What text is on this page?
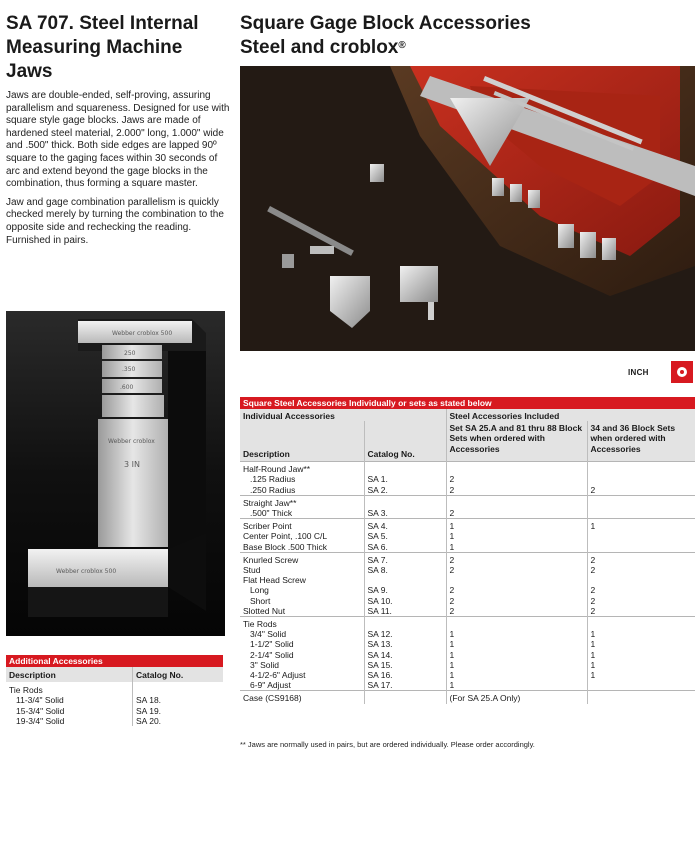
SA 707. Steel Internal Measuring Machine Jaws

Jaws are double-ended, self-proving, assuring parallelism and squareness. Designed for use with square style gage blocks. Jaws are made of hardened steel material, 2.000" long, 1.000" wide and .500" thick. Both side edges are lapped 90º square to the gaging faces within 30 seconds of arc and extend beyond the gage blocks in the combination, thus forming a square master.

Jaw and gage combination parallelism is quickly checked merely by turning the combination to the opposite side and rechecking the reading. Furnished in pairs.

Square Gage Block Accessories
Steel and croblox®
Webber croblox 500
250
.350
.600
Webber croblox
3 IN
Webber croblox 500
INCH
Additional Accessories
Description	Catalog No.
Tie Rods	
11-3/4" Solid	SA 18.
15-3/4" Solid	SA 19.
19-3/4" Solid	SA 20.
Square Steel Accessories Individually or sets as stated below
Individual Accessories		Steel Accessories Included	
Description	Catalog No.	Set SA 25.A and 81 thru 88 Block Sets when ordered with Accessories	34 and 36 Block Sets when ordered with Accessories
Half-Round Jaw**			
.125 Radius	SA 1.	2	
.250 Radius	SA 2.	2	2
Straight Jaw**			
.500" Thick	SA 3.	2	
Scriber Point	SA 4.	1	1
Center Point, .100 C/L	SA 5.	1	
Base Block .500 Thick	SA 6.	1	
Knurled Screw	SA 7.	2	2
Stud	SA 8.	2	2
Flat Head Screw			
Long	SA 9.	2	2
Short	SA 10.	2	2
Slotted Nut	SA 11.	2	2
Tie Rods			
3/4" Solid	SA 12.	1	1
1-1/2" Solid	SA 13.	1	1
2-1/4" Solid	SA 14.	1	1
3" Solid	SA 15.	1	1
4-1/2-6" Adjust	SA 16.	1	1
6-9" Adjust	SA 17.	1	
Case (CS9168)		(For SA 25.A Only)	
** Jaws are normally used in pairs, but are ordered individually. Please order accordingly.
